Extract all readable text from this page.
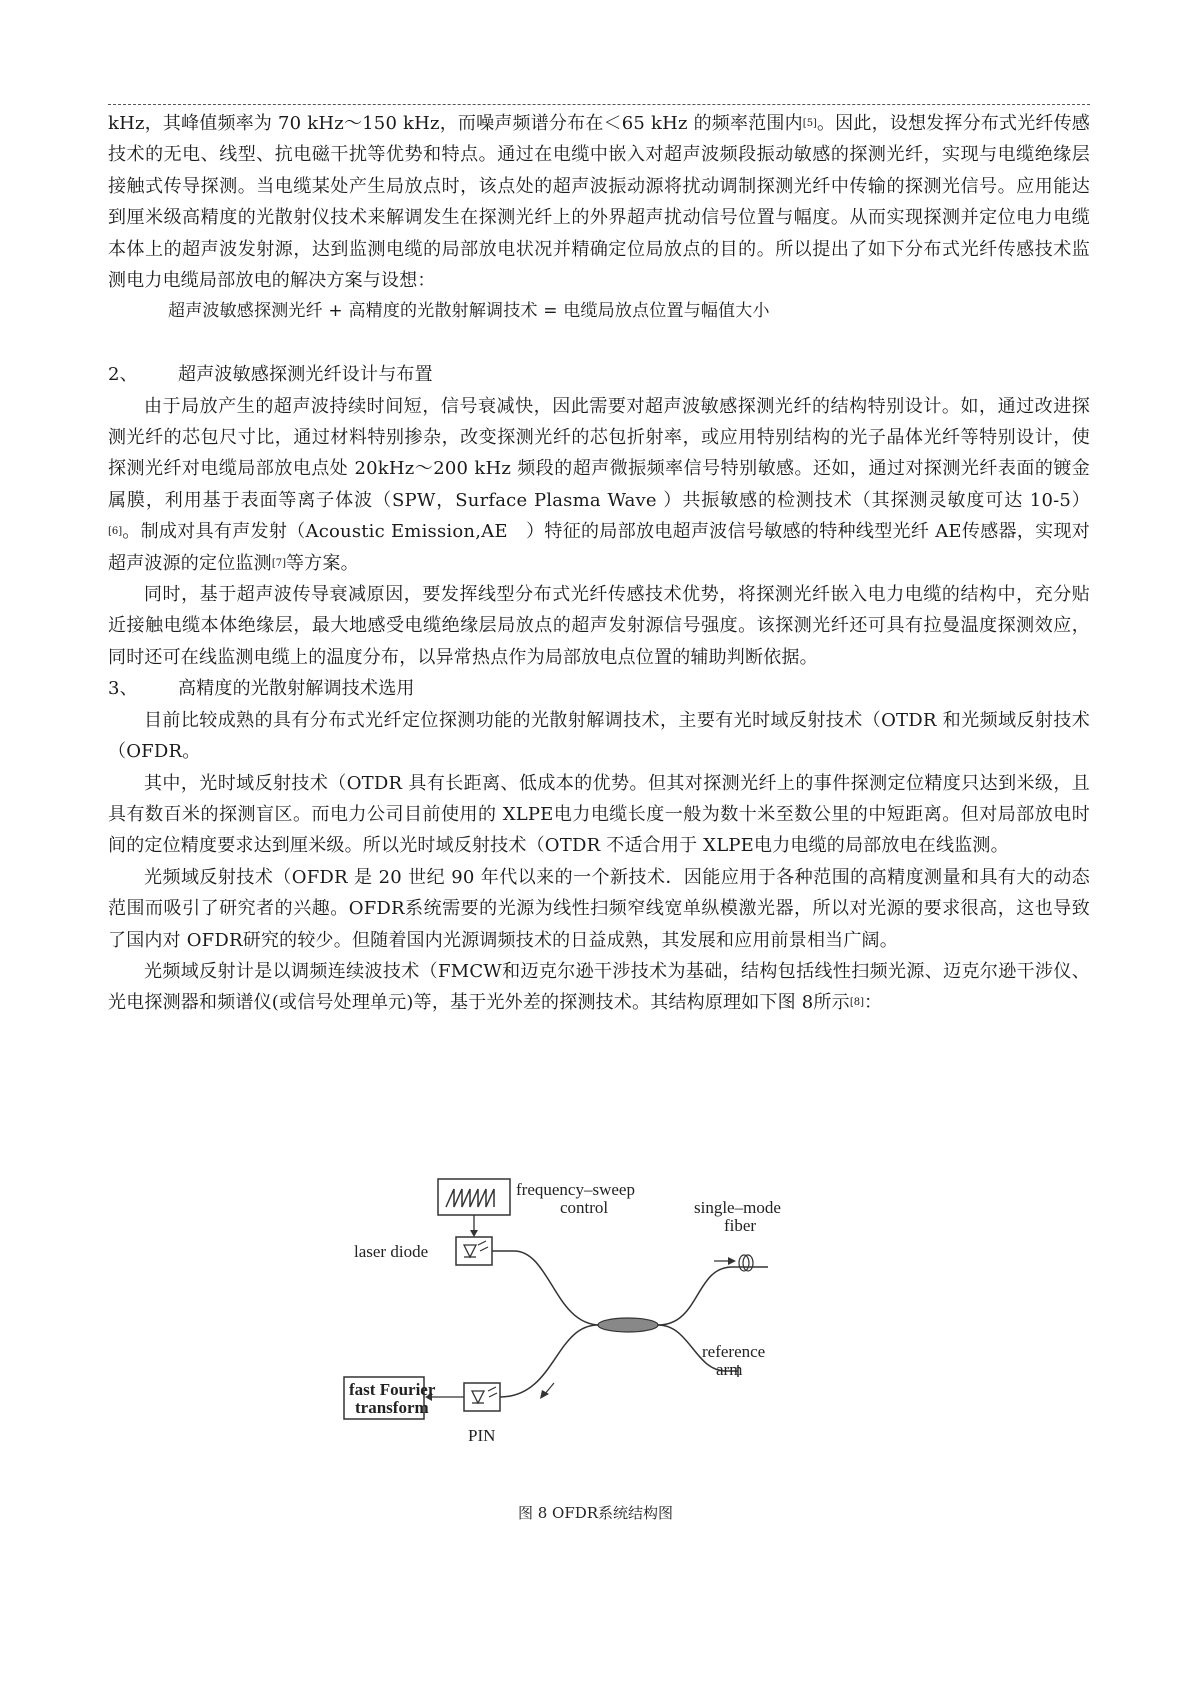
kHz，其峰值频率为 70 kHz～150 kHz，而噪声频谱分布在＜65 kHz 的频率范围内[5]。因此，设想发挥分布式光纤传感技术的无电、线型、抗电磁干扰等优势和特点。通过在电缆中嵌入对超声波频段振动敏感的探测光纤，实现与电缆绝缘层接触式传导探测。当电缆某处产生局放点时，该点处的超声波振动源将扰动调制探测光纤中传输的探测光信号。应用能达到厘米级高精度的光散射仪技术来解调发生在探测光纤上的外界超声扰动信号位置与幅度。从而实现探测并定位电力电缆本体上的超声波发射源，达到监测电缆的局部放电状况并精确定位局放点的目的。所以提出了如下分布式光纤传感技术监测电力电缆局部放电的解决方案与设想：

超声波敏感探测光纤 + 高精度的光散射解调技术 = 电缆局放点位置与幅值大小

2、 超声波敏感探测光纤设计与布置

由于局放产生的超声波持续时间短，信号衰减快，因此需要对超声波敏感探测光纤的结构特别设计。如，通过改进探测光纤的芯包尺寸比，通过材料特别掺杂，改变探测光纤的芯包折射率，或应用特别结构的光子晶体光纤等特别设计，使探测光纤对电缆局部放电点处 20kHz～200 kHz 频段的超声微振频率信号特别敏感。还如，通过对探测光纤表面的镀金属膜，利用基于表面等离子体波（SPW，Surface Plasma Wave ）共振敏感的检测技术（其探测灵敏度可达 10-5）[6]。制成对具有声发射（Acoustic Emission,AE　）特征的局部放电超声波信号敏感的特种线型光纤 AE传感器，实现对超声波源的定位监测[7]等方案。

同时，基于超声波传导衰减原因，要发挥线型分布式光纤传感技术优势，将探测光纤嵌入电力电缆的结构中，充分贴近接触电缆本体绝缘层，最大地感受电缆绝缘层局放点的超声发射源信号强度。该探测光纤还可具有拉曼温度探测效应，同时还可在线监测电缆上的温度分布，以异常热点作为局部放电点位置的辅助判断依据。

3、 高精度的光散射解调技术选用

目前比较成熟的具有分布式光纤定位探测功能的光散射解调技术，主要有光时域反射技术（OTDR 和光频域反射技术（OFDR。

其中，光时域反射技术（OTDR 具有长距离、低成本的优势。但其对探测光纤上的事件探测定位精度只达到米级，且具有数百米的探测盲区。而电力公司目前使用的 XLPE电力电缆长度一般为数十米至数公里的中短距离。但对局部放电时间的定位精度要求达到厘米级。所以光时域反射技术（OTDR 不适合用于 XLPE电力电缆的局部放电在线监测。

光频域反射技术（OFDR 是 20 世纪 90 年代以来的一个新技术．因能应用于各种范围的高精度测量和具有大的动态范围而吸引了研究者的兴趣。OFDR系统需要的光源为线性扫频窄线宽单纵模激光器，所以对光源的要求很高，这也导致了国内对 OFDR研究的较少。但随着国内光源调频技术的日益成熟，其发展和应用前景相当广阔。

光频域反射计是以调频连续波技术（FMCW和迈克尔逊干涉技术为基础，结构包括线性扫频光源、迈克尔逊干涉仪、光电探测器和频谱仪(或信号处理单元)等，基于光外差的探测技术。其结构原理如下图 8所示[8]：

frequency–sweep
control
laser diode
single–mode
fiber
reference
arm
PIN
fast Fourier
transform
图 8 OFDR系统结构图
